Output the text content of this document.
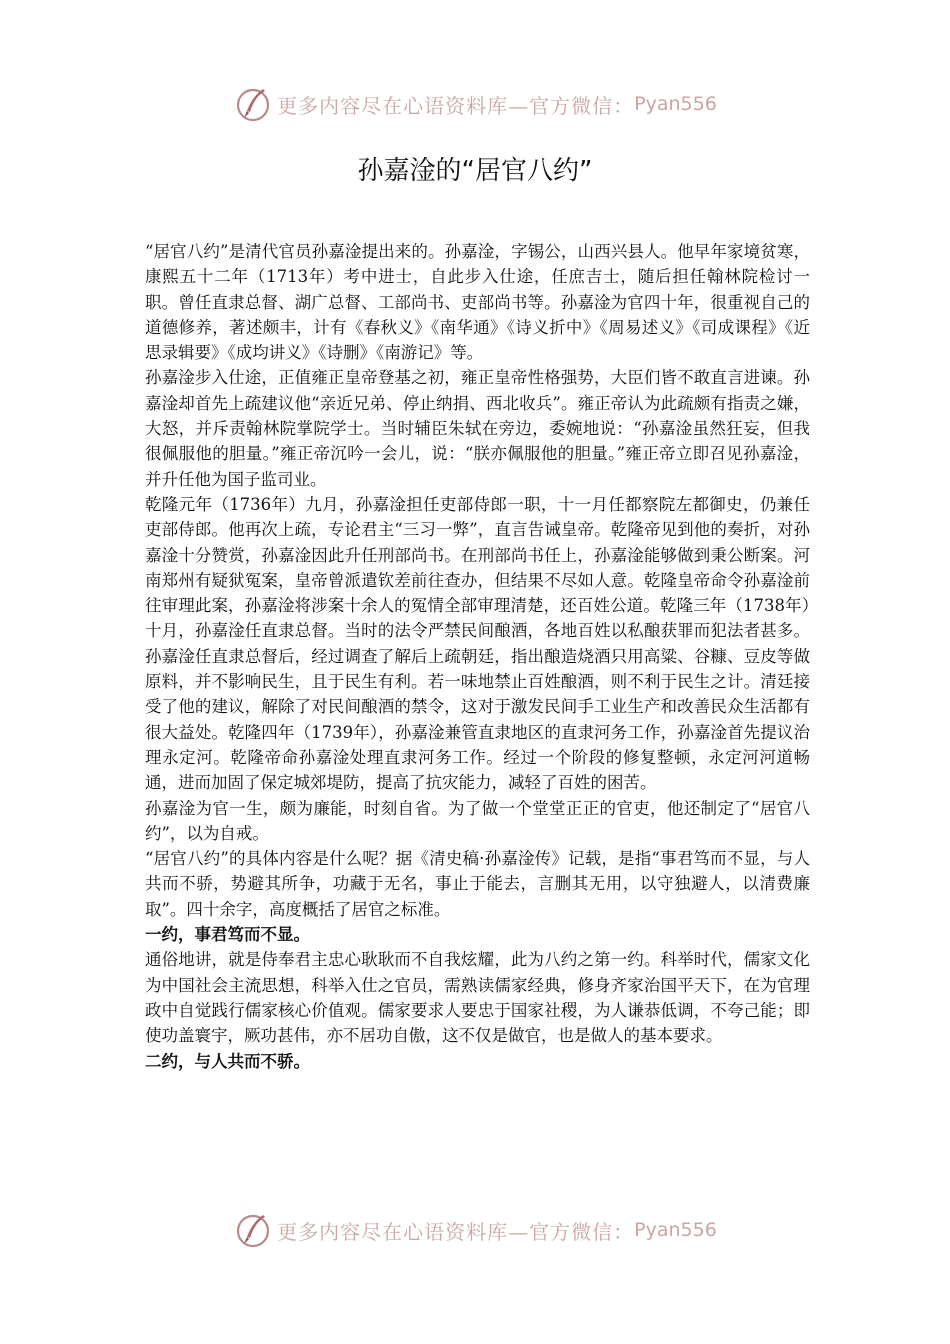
更多内容尽在心语资料库—官方微信： Pyan556
孙嘉淦的“居官八约”

“居官八约”是清代官员孙嘉淦提出来的。孙嘉淦，字锡公，山西兴县人。他早年家境贫寒，康熙五十二年（1713年）考中进士，自此步入仕途，任庶吉士，随后担任翰林院检讨一职。曾任直隶总督、湖广总督、工部尚书、吏部尚书等。孙嘉淦为官四十年，很重视自己的道德修养，著述颇丰，计有《春秋义》《南华通》《诗义折中》《周易述义》《司成课程》《近思录辑要》《成均讲义》《诗删》《南游记》等。

孙嘉淦步入仕途，正值雍正皇帝登基之初，雍正皇帝性格强势，大臣们皆不敢直言进谏。孙嘉淦却首先上疏建议他“亲近兄弟、停止纳捐、西北收兵”。雍正帝认为此疏颇有指责之嫌，大怒，并斥责翰林院掌院学士。当时辅臣朱轼在旁边，委婉地说：“孙嘉淦虽然狂妄，但我很佩服他的胆量。”雍正帝沉吟一会儿，说：“朕亦佩服他的胆量。”雍正帝立即召见孙嘉淦，并升任他为国子监司业。

乾隆元年（1736年）九月，孙嘉淦担任吏部侍郎一职，十一月任都察院左都御史，仍兼任吏部侍郎。他再次上疏，专论君主“三习一弊”，直言告诫皇帝。乾隆帝见到他的奏折，对孙嘉淦十分赞赏，孙嘉淦因此升任刑部尚书。在刑部尚书任上，孙嘉淦能够做到秉公断案。河南郑州有疑狱冤案，皇帝曾派遣钦差前往查办，但结果不尽如人意。乾隆皇帝命令孙嘉淦前往审理此案，孙嘉淦将涉案十余人的冤情全部审理清楚，还百姓公道。乾隆三年（1738年）十月，孙嘉淦任直隶总督。当时的法令严禁民间酿酒，各地百姓以私酿获罪而犯法者甚多。孙嘉淦任直隶总督后，经过调查了解后上疏朝廷，指出酿造烧酒只用高粱、谷糠、豆皮等做原料，并不影响民生，且于民生有利。若一味地禁止百姓酿酒，则不利于民生之计。清廷接受了他的建议，解除了对民间酿酒的禁令，这对于激发民间手工业生产和改善民众生活都有很大益处。乾隆四年（1739年），孙嘉淦兼管直隶地区的直隶河务工作，孙嘉淦首先提议治理永定河。乾隆帝命孙嘉淦处理直隶河务工作。经过一个阶段的修复整顿，永定河河道畅通，进而加固了保定城郊堤防，提高了抗灾能力，减轻了百姓的困苦。

孙嘉淦为官一生，颇为廉能，时刻自省。为了做一个堂堂正正的官吏，他还制定了“居官八约”，以为自戒。

“居官八约”的具体内容是什么呢？据《清史稿·孙嘉淦传》记载，是指“事君笃而不显，与人共而不骄，势避其所争，功藏于无名，事止于能去，言删其无用，以守独避人，以清费廉取”。四十余字，高度概括了居官之标准。

一约，事君笃而不显。

通俗地讲，就是侍奉君主忠心耿耿而不自我炫耀，此为八约之第一约。科举时代，儒家文化为中国社会主流思想，科举入仕之官员，需熟读儒家经典，修身齐家治国平天下，在为官理政中自觉践行儒家核心价值观。儒家要求人要忠于国家社稷，为人谦恭低调，不夸己能；即使功盖寰宇，厥功甚伟，亦不居功自傲，这不仅是做官，也是做人的基本要求。

二约，与人共而不骄。

更多内容尽在心语资料库—官方微信： Pyan556
